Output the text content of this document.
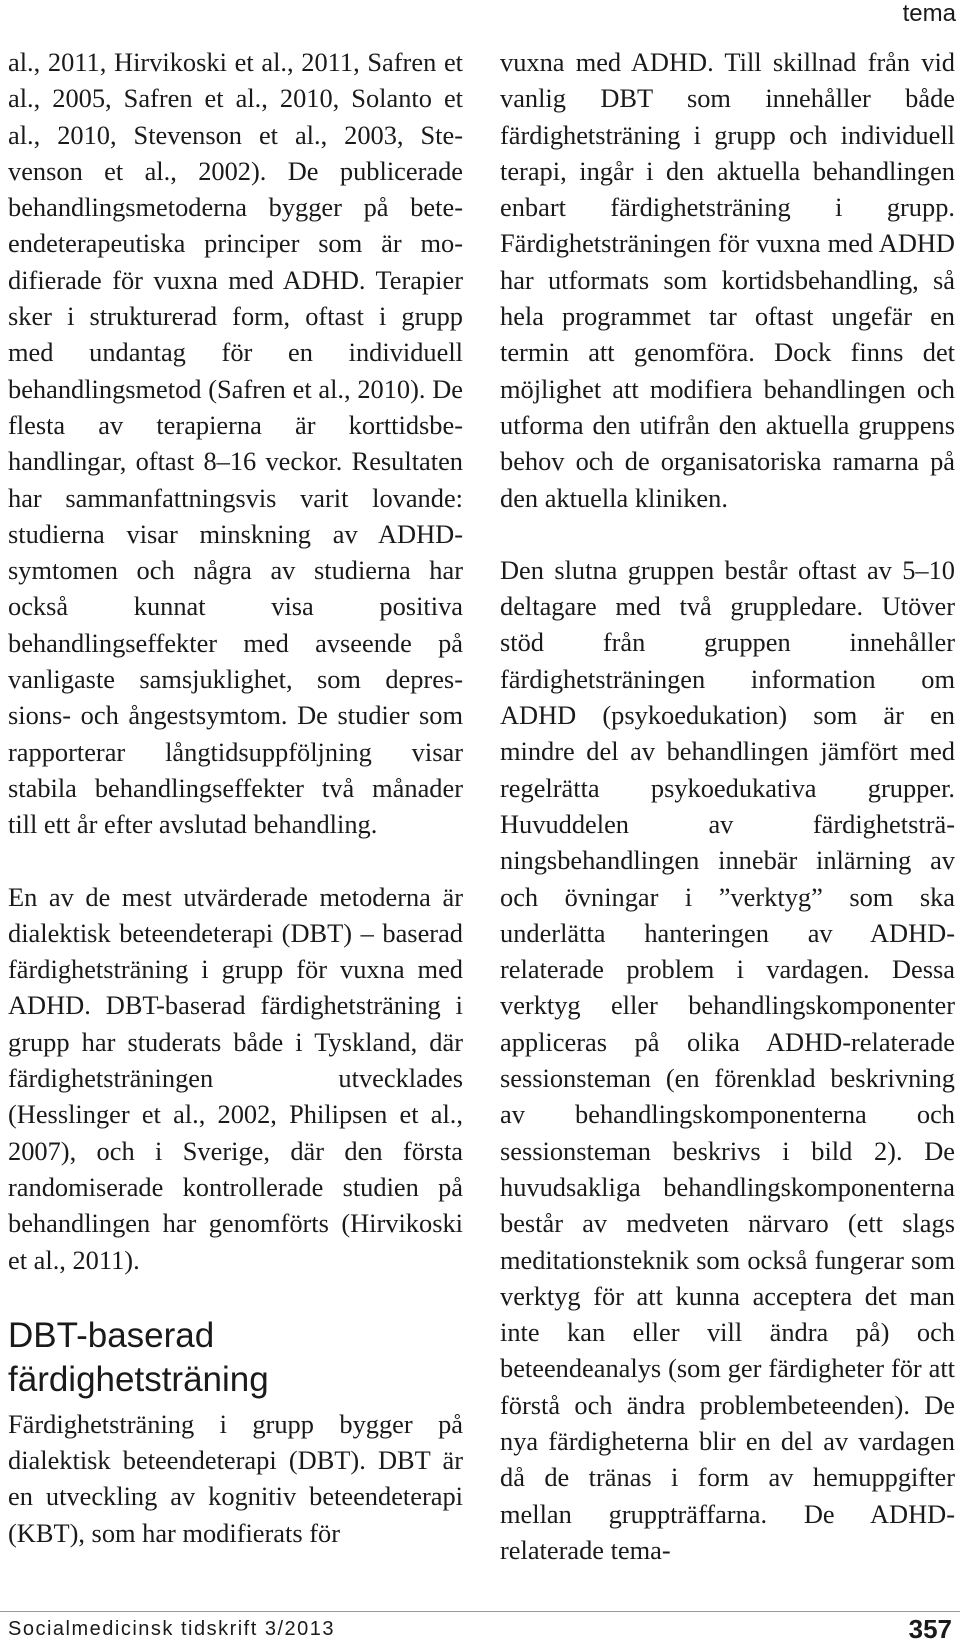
tema

al., 2011, Hirvikoski et al., 2011, Safren et al., 2005, Safren et al., 2010, Solanto et al., 2010, Stevenson et al., 2003, Stevenson et al., 2002). De publicerade behandlingsmetoderna bygger på beteendeterapeutiska principer som är modifierade för vuxna med ADHD. Terapier sker i strukturerad form, oftast i grupp med undantag för en individuell behandlingsmetod (Safren et al., 2010). De flesta av terapierna är korttidsbehandlingar, oftast 8–16 veckor. Resultaten har sammanfattningsvis varit lovande: studierna visar minskning av ADHD-symtomen och några av studierna har också kunnat visa positiva behandlingseffekter med avseende på vanligaste samsjuklighet, som depressions- och ångestsymtom. De studier som rapporterar långtidsuppföljning visar stabila behandlingseffekter två månader till ett år efter avslutad behandling.

En av de mest utvärderade metoderna är dialektisk beteendeterapi (DBT) – baserad färdighetsträning i grupp för vuxna med ADHD. DBT-baserad färdighetsträning i grupp har studerats både i Tyskland, där färdighetsträningen utvecklades (Hesslinger et al., 2002, Philipsen et al., 2007), och i Sverige, där den första randomiserade kontrollerade studien på behandlingen har genomförts (Hirvikoski et al., 2011).

DBT-baserad färdighetsträning

Färdighetsträning i grupp bygger på dialektisk beteendeterapi (DBT). DBT är en utveckling av kognitiv beteendeterapi (KBT), som har modifierats för

vuxna med ADHD. Till skillnad från vid vanlig DBT som innehåller både färdighetsträning i grupp och individuell terapi, ingår i den aktuella behandlingen enbart färdighetsträning i grupp. Färdighetsträningen för vuxna med ADHD har utformats som kortidsbehandling, så hela programmet tar oftast ungefär en termin att genomföra. Dock finns det möjlighet att modifiera behandlingen och utforma den utifrån den aktuella gruppens behov och de organisatoriska ramarna på den aktuella kliniken.

Den slutna gruppen består oftast av 5–10 deltagare med två gruppledare. Utöver stöd från gruppen innehåller färdighetsträningen information om ADHD (psykoedukation) som är en mindre del av behandlingen jämfört med regelrätta psykoedukativa grupper. Huvuddelen av färdighetsträningsbehandlingen innebär inlärning av och övningar i ”verktyg” som ska underlätta hanteringen av ADHD-relaterade problem i vardagen. Dessa verktyg eller behandlingskomponenter appliceras på olika ADHD-relaterade sessionsteman (en förenklad beskrivning av behandlingskomponenterna och sessionsteman beskrivs i bild 2). De huvudsakliga behandlingskomponenterna består av medveten närvaro (ett slags meditationsteknik som också fungerar som verktyg för att kunna acceptera det man inte kan eller vill ändra på) och beteendeanalys (som ger färdigheter för att förstå och ändra problembeteenden). De nya färdigheterna blir en del av vardagen då de tränas i form av hemuppgifter mellan gruppträffarna. De ADHD-relaterade tema-

Socialmedicinsk tidskrift 3/2013	357
